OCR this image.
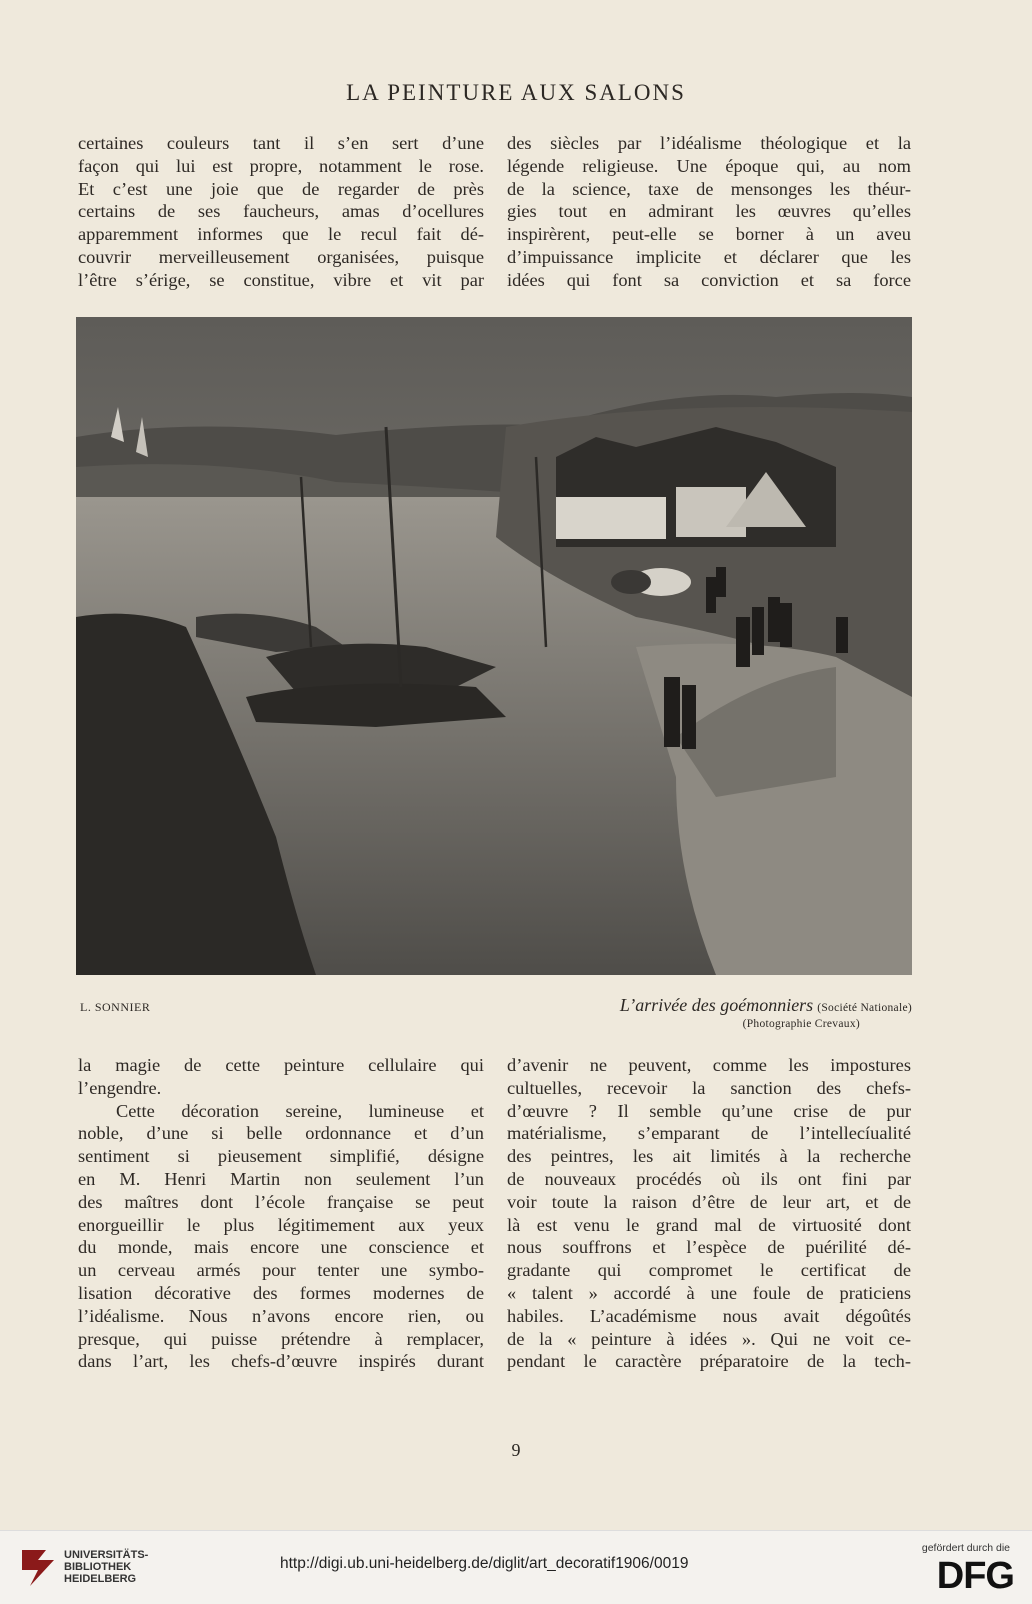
LA PEINTURE AUX SALONS
certaines couleurs tant il s’en sert d’une
façon qui lui est propre, notamment le rose.
Et c’est une joie que de regarder de près
certains de ses faucheurs, amas d’ocellures
apparemment informes que le recul fait dé-
couvrir merveilleusement organisées, puisque
l’être s’érige, se constitue, vibre et vit par
des siècles par l’idéalisme théologique et la
légende religieuse. Une époque qui, au nom
de la science, taxe de mensonges les théur-
gies tout en admirant les œuvres qu’elles
inspirèrent, peut-elle se borner à un aveu
d’impuissance implicite et déclarer que les
idées qui font sa conviction et sa force
L. SONNIER	L’arrivée des goémonniers (Société Nationale)
(Photographie Crevaux)
la magie de cette peinture cellulaire qui
l’engendre.
Cette décoration sereine, lumineuse et
noble, d’une si belle ordonnance et d’un
sentiment si pieusement simplifié, désigne
en M. Henri Martin non seulement l’un
des maîtres dont l’école française se peut
enorgueillir le plus légitimement aux yeux
du monde, mais encore une conscience et
un cerveau armés pour tenter une symbo-
lisation décorative des formes modernes de
l’idéalisme. Nous n’avons encore rien, ou
presque, qui puisse prétendre à remplacer,
dans l’art, les chefs-d’œuvre inspirés durant
d’avenir ne peuvent, comme les impostures
cultuelles, recevoir la sanction des chefs-
d’œuvre ? Il semble qu’une crise de pur
matérialisme, s’emparant de l’intellecíualité
des peintres, les ait limités à la recherche
de nouveaux procédés où ils ont fini par
voir toute la raison d’être de leur art, et de
là est venu le grand mal de virtuosité dont
nous souffrons et l’espèce de puérilité dé-
gradante qui compromet le certificat de
« talent » accordé à une foule de praticiens
habiles. L’académisme nous avait dégoûtés
de la « peinture à idées ». Qui ne voit ce-
pendant le caractère préparatoire de la tech-
9
UNIVERSITÄTS-
BIBLIOTHEK
HEIDELBERG
http://digi.ub.uni-heidelberg.de/diglit/art_decoratif1906/0019
gefördert durch die
DFG
